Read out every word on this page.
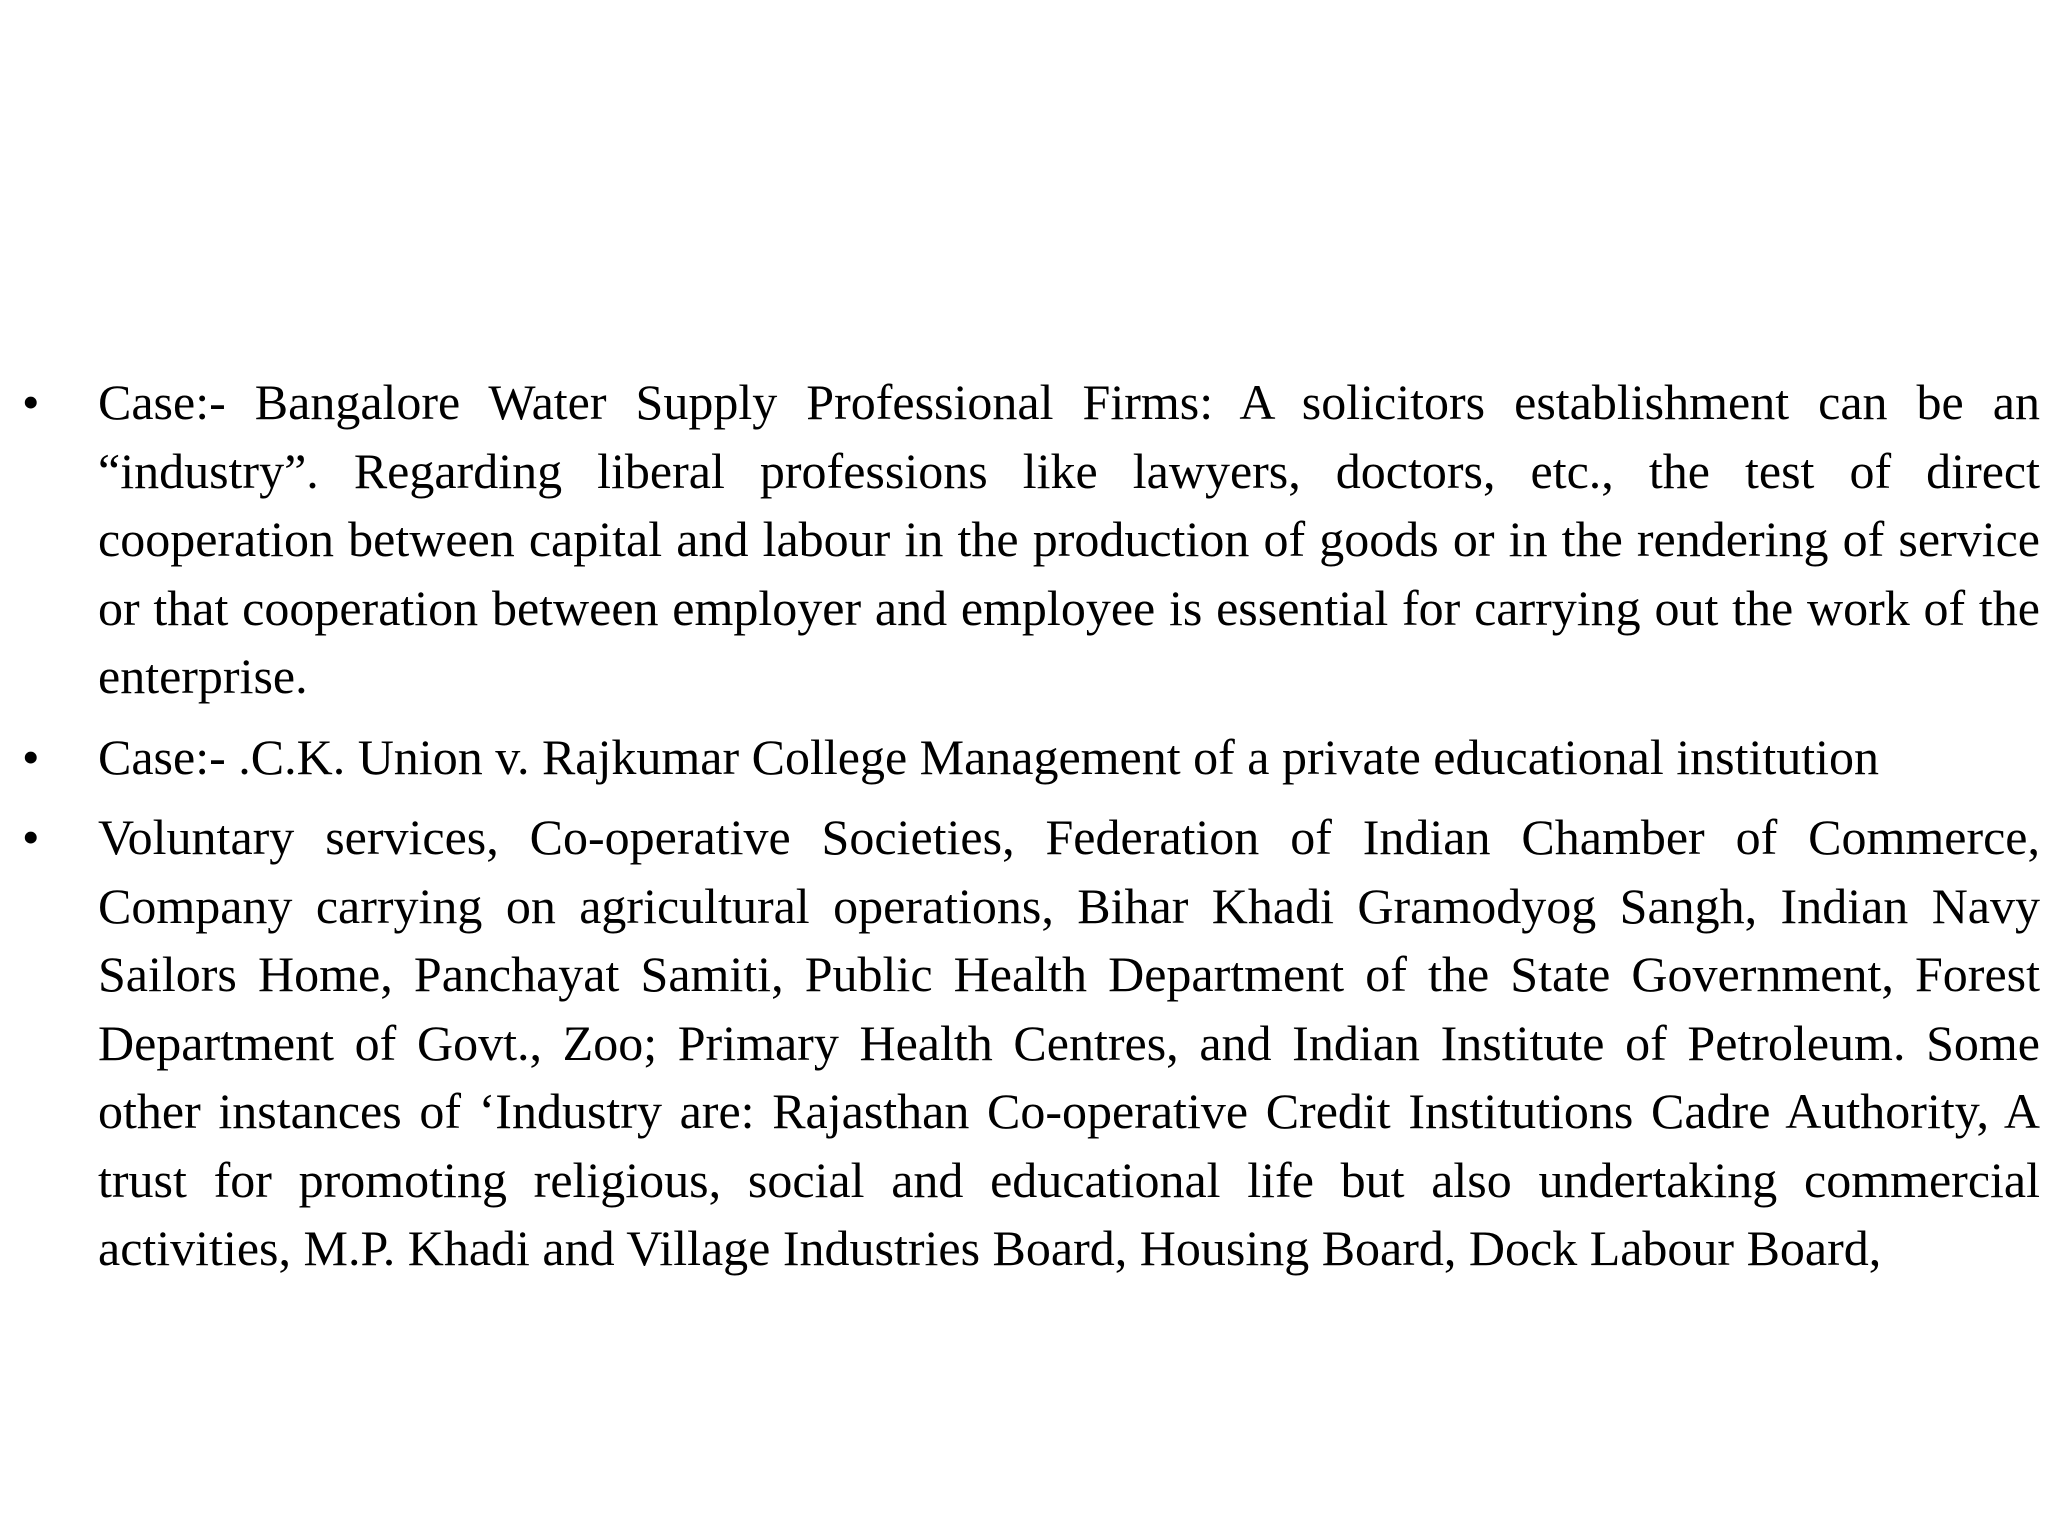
•	Case:- Bangalore Water Supply Professional Firms: A solicitors establishment can be an “industry”. Regarding liberal professions like lawyers, doctors, etc., the test of direct cooperation between capital and labour in the production of goods or in the rendering of service or that cooperation between employer and employee is essential for carrying out the work of the enterprise.
•	Case:- .C.K. Union v. Rajkumar College Management of a private educational institution
•	Voluntary services, Co-operative Societies, Federation of Indian Chamber of Commerce, Company carrying on agricultural operations, Bihar Khadi Gramodyog Sangh, Indian Navy Sailors Home, Panchayat Samiti, Public Health Department of the State Government, Forest Department of Govt., Zoo; Primary Health Centres, and Indian Institute of Petroleum. Some other instances of ‘Industry are: Rajasthan Co-operative Credit Institutions Cadre Authority, A trust for promoting religious, social and educational life but also undertaking commercial activities, M.P. Khadi and Village Industries Board, Housing Board, Dock Labour Board,
